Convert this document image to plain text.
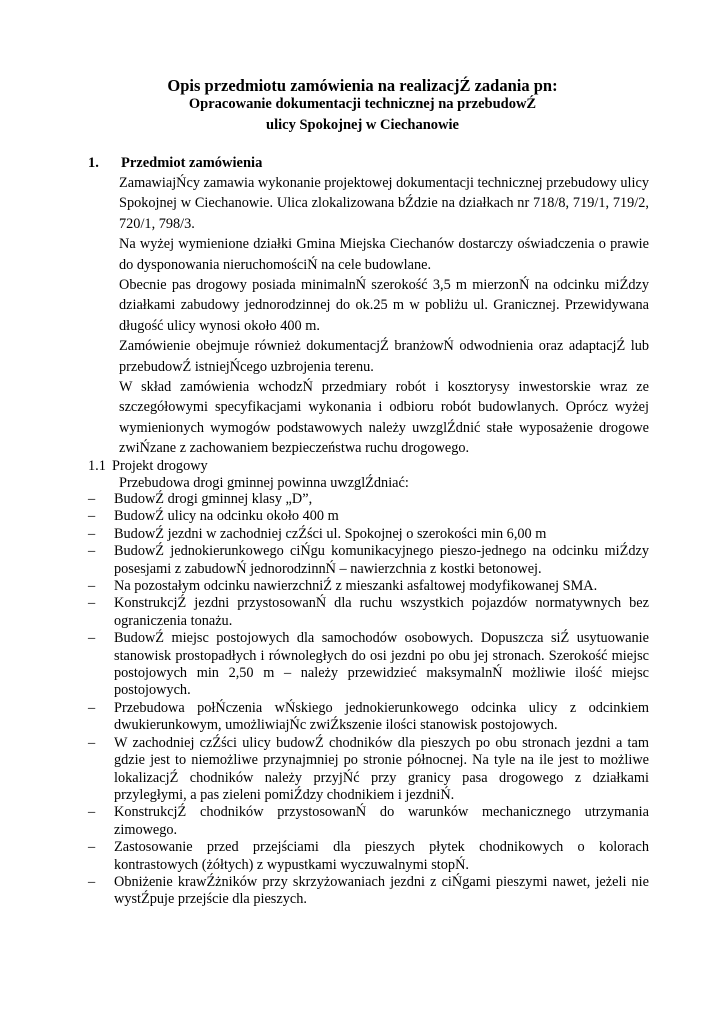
Opis przedmiotu zamówienia na realizacjŹ zadania pn:
Opracowanie dokumentacji technicznej na przebudowŹ
ulicy Spokojnej w Ciechanowie
1. Przedmiot zamówienia

ZamawiajŃcy zamawia wykonanie projektowej dokumentacji technicznej przebudowy ulicy Spokojnej w Ciechanowie. Ulica zlokalizowana bŹdzie na działkach nr 718/8, 719/1, 719/2, 720/1, 798/3.

Na wyżej wymienione działki Gmina Miejska Ciechanów dostarczy oświadczenia o prawie do dysponowania nieruchomościŃ na cele budowlane.

Obecnie pas drogowy posiada minimalnŃ szerokość 3,5 m mierzonŃ na odcinku miŹdzy działkami zabudowy jednorodzinnej do ok.25 m w pobliżu ul. Granicznej. Przewidywana długość ulicy wynosi około 400 m.

Zamówienie obejmuje również dokumentacjŹ branżowŃ odwodnienia oraz adaptacjŹ lub przebudowŹ istniejŃcego uzbrojenia terenu.

W skład zamówienia wchodzŃ przedmiary robót i kosztorysy inwestorskie wraz ze szczegółowymi specyfikacjami wykonania i odbioru robót budowlanych. Oprócz wyżej wymienionych wymogów podstawowych należy uwzglŹdnić stałe wyposażenie drogowe zwiŃzane z zachowaniem bezpieczeństwa ruchu drogowego.

1.1 Projekt drogowy
Przebudowa drogi gminnej powinna uwzglŹdniać:
– BudowŹ drogi gminnej klasy „D”,
– BudowŹ ulicy na odcinku około 400 m
– BudowŹ jezdni w zachodniej czŹści ul. Spokojnej o szerokości min 6,00 m
– BudowŹ jednokierunkowego ciŃgu komunikacyjnego pieszo-jednego na odcinku miŹdzy posesjami z zabudowŃ jednorodzinnŃ – nawierzchnia z kostki betonowej.
– Na pozostałym odcinku nawierzchniŹ z mieszanki asfaltowej modyfikowanej SMA.
– KonstrukcjŹ jezdni przystosowanŃ dla ruchu wszystkich pojazdów normatywnych bez ograniczenia tonażu.
– BudowŹ miejsc postojowych dla samochodów osobowych. Dopuszcza siŹ usytuowanie stanowisk prostopadłych i równoległych do osi jezdni po obu jej stronach. Szerokość miejsc postojowych min 2,50 m – należy przewidzieć maksymalnŃ możliwie ilość miejsc postojowych.
– Przebudowa połŃczenia wŃskiego jednokierunkowego odcinka ulicy z odcinkiem dwukierunkowym, umożliwiajŃc zwiŹkszenie ilości stanowisk postojowych.
– W zachodniej czŹści ulicy budowŹ chodników dla pieszych po obu stronach jezdni a tam gdzie jest to niemożliwe przynajmniej po stronie północnej. Na tyle na ile jest to możliwe lokalizacjŹ chodników należy przyjŃć przy granicy pasa drogowego z działkami przyległymi, a pas zieleni pomiŹdzy chodnikiem i jezdniŃ.
– KonstrukcjŹ chodników przystosowanŃ do warunków mechanicznego utrzymania zimowego.
– Zastosowanie przed przejściami dla pieszych płytek chodnikowych o kolorach kontrastowych (żółtych) z wypustkami wyczuwalnymi stopŃ.
– Obniżenie krawŹżników przy skrzyżowaniach jezdni z ciŃgami pieszymi nawet, jeżeli nie wystŹpuje przejście dla pieszych.
